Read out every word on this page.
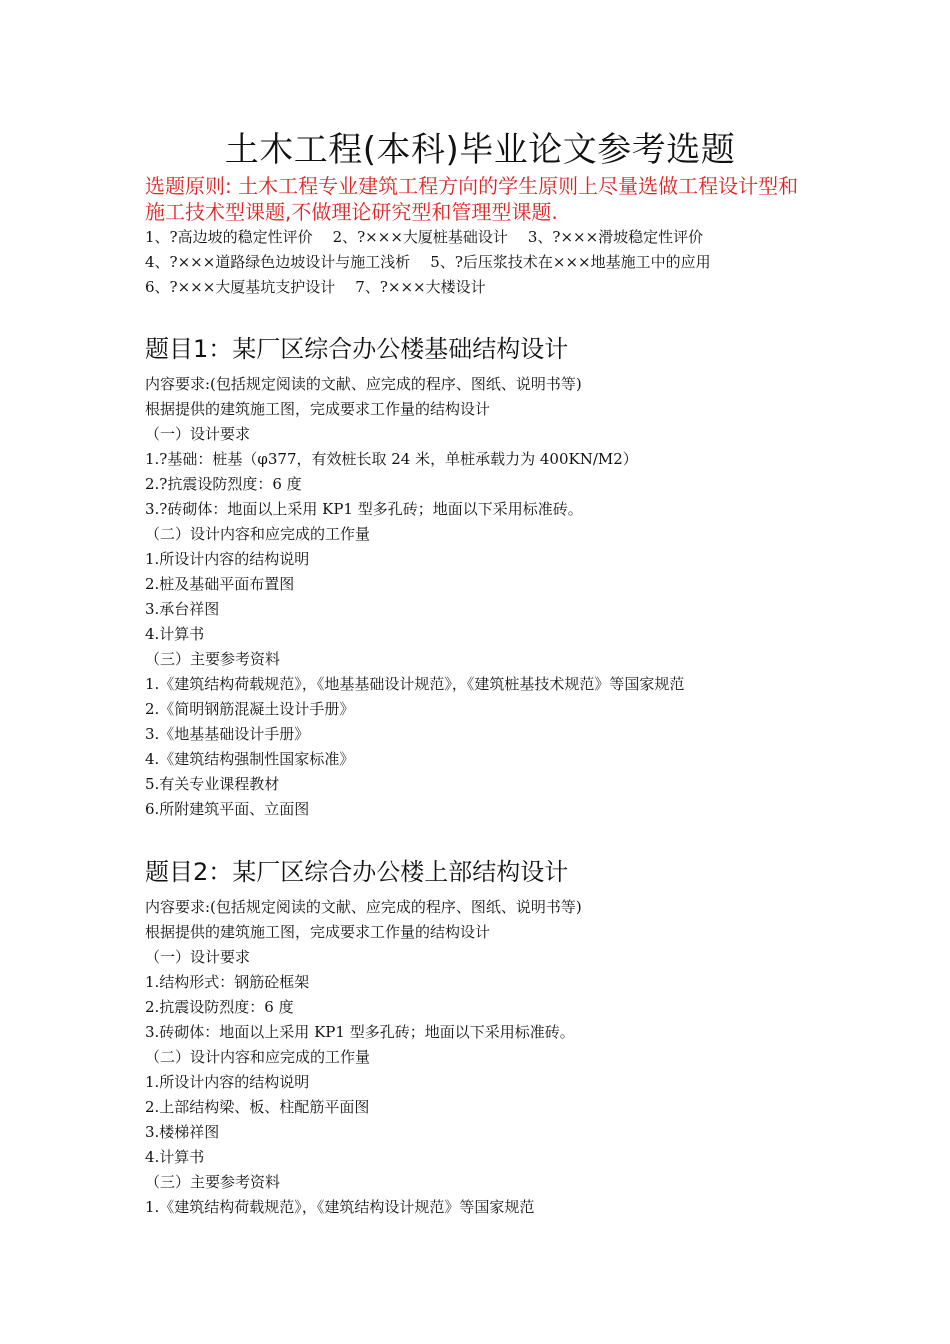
土木工程(本科)毕业论文参考选题
选题原则: 土木工程专业建筑工程方向的学生原则上尽量选做工程设计型和施工技术型课题,不做理论研究型和管理型课题.
1、?高边坡的稳定性评价 2、?×××大厦桩基础设计 3、?×××滑坡稳定性评价
4、?×××道路绿色边坡设计与施工浅析 5、?后压浆技术在×××地基施工中的应用
6、?×××大厦基坑支护设计 7、?×××大楼设计
题目1：某厂区综合办公楼基础结构设计
内容要求:(包括规定阅读的文献、应完成的程序、图纸、说明书等)
根据提供的建筑施工图，完成要求工作量的结构设计
（一）设计要求
1.?基础：桩基（φ377，有效桩长取 24 米，单桩承载力为 400KN/M2）
2.?抗震设防烈度：6 度
3.?砖砌体：地面以上采用 KP1 型多孔砖；地面以下采用标准砖。
（二）设计内容和应完成的工作量
1.所设计内容的结构说明
2.桩及基础平面布置图
3.承台祥图
4.计算书
（三）主要参考资料
1.《建筑结构荷载规范》，《地基基础设计规范》，《建筑桩基技术规范》等国家规范
2.《简明钢筋混凝土设计手册》
3.《地基基础设计手册》
4.《建筑结构强制性国家标准》
5.有关专业课程教材
6.所附建筑平面、立面图
题目2：某厂区综合办公楼上部结构设计
内容要求:(包括规定阅读的文献、应完成的程序、图纸、说明书等)
根据提供的建筑施工图，完成要求工作量的结构设计
（一）设计要求
1.结构形式：钢筋砼框架
2.抗震设防烈度：6 度
3.砖砌体：地面以上采用 KP1 型多孔砖；地面以下采用标准砖。
（二）设计内容和应完成的工作量
1.所设计内容的结构说明
2.上部结构梁、板、柱配筋平面图
3.楼梯祥图
4.计算书
（三）主要参考资料
1.《建筑结构荷载规范》，《建筑结构设计规范》等国家规范
